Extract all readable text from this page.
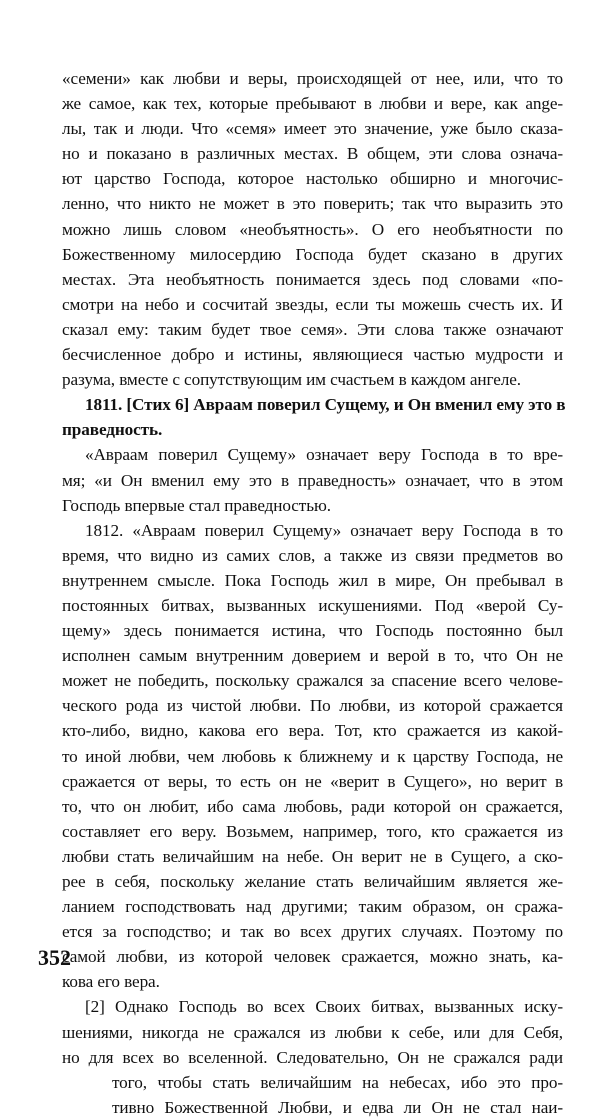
«семени» как любви и веры, происходящей от нее, или, что то
же самое, как тех, которые пребывают в любви и вере, как ange-
лы, так и люди. Что «семя» имеет это значение, уже было сказа-
но и показано в различных местах. В общем, эти слова означа-
ют царство Господа, которое настолько обширно и многочис-
ленно, что никто не может в это поверить; так что выразить это
можно лишь словом «необъятность». О его необъятности по
Божественному милосердию Господа будет сказано в других
местах. Эта необъятность понимается здесь под словами «по-
смотри на небо и сосчитай звезды, если ты можешь счесть их. И
сказал ему: таким будет твое семя». Эти слова также означают
бесчисленное добро и истины, являющиеся частью мудрости и
разума, вместе с сопутствующим им счастьем в каждом ангеле.
1811. [Стих 6] Авраам поверил Сущему, и Он вменил ему это в
праведность.
«Авраам поверил Сущему» означает веру Господа в то вре-
мя; «и Он вменил ему это в праведность» означает, что в этом
Господь впервые стал праведностью.
1812. «Авраам поверил Сущему» означает веру Господа в то
время, что видно из самих слов, а также из связи предметов во
внутреннем смысле. Пока Господь жил в мире, Он пребывал в
постоянных битвах, вызванных искушениями. Под «верой Су-
щему» здесь понимается истина, что Господь постоянно был
исполнен самым внутренним доверием и верой в то, что Он не
может не победить, поскольку сражался за спасение всего челове-
ческого рода из чистой любви. По любви, из которой сражается
кто-либо, видно, какова его вера. Тот, кто сражается из какой-
то иной любви, чем любовь к ближнему и к царству Господа, не
сражается от веры, то есть он не «верит в Сущего», но верит в
то, что он любит, ибо сама любовь, ради которой он сражается,
составляет его веру. Возьмем, например, того, кто сражается из
любви стать величайшим на небе. Он верит не в Сущего, а ско-
рее в себя, поскольку желание стать величайшим является же-
ланием господствовать над другими; таким образом, он сража-
ется за господство; и так во всех других случаях. Поэтому по
самой любви, из которой человек сражается, можно знать, ка-
кова его вера.
[2] Однако Господь во всех Своих битвах, вызванных иску-
шениями, никогда не сражался из любви к себе, или для Себя,
но для всех во вселенной. Следовательно, Он не сражался ради
того, чтобы стать величайшим на небесах, ибо это про-
тивно Божественной Любви, и едва ли Он не стал наи-
352
